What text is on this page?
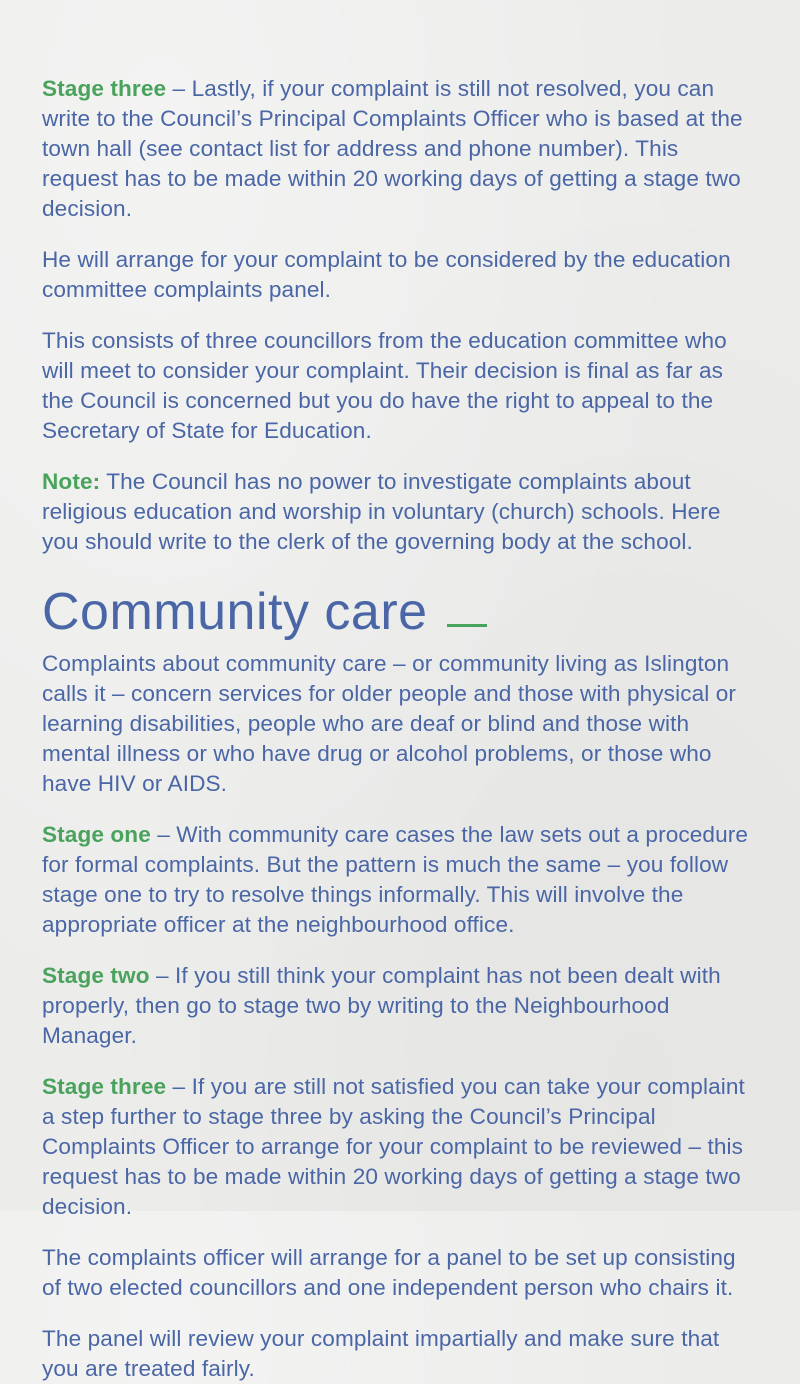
Stage three – Lastly, if your complaint is still not resolved, you can write to the Council’s Principal Complaints Officer who is based at the town hall (see contact list for address and phone number). This request has to be made within 20 working days of getting a stage two decision.

He will arrange for your complaint to be considered by the education committee complaints panel.

This consists of three councillors from the education committee who will meet to consider your complaint. Their decision is final as far as the Council is concerned but you do have the right to appeal to the Secretary of State for Education.

Note: The Council has no power to investigate complaints about religious education and worship in voluntary (church) schools. Here you should write to the clerk of the governing body at the school.

Community care

Complaints about community care – or community living as Islington calls it – concern services for older people and those with physical or learning disabilities, people who are deaf or blind and those with mental illness or who have drug or alcohol problems, or those who have HIV or AIDS.

Stage one – With community care cases the law sets out a procedure for formal complaints. But the pattern is much the same – you follow stage one to try to resolve things informally. This will involve the appropriate officer at the neighbourhood office.

Stage two – If you still think your complaint has not been dealt with properly, then go to stage two by writing to the Neighbourhood Manager.

Stage three – If you are still not satisfied you can take your complaint a step further to stage three by asking the Council’s Principal Complaints Officer to arrange for your complaint to be reviewed – this request has to be made within 20 working days of getting a stage two decision.

The complaints officer will arrange for a panel to be set up consisting of two elected councillors and one independent person who chairs it.

The panel will review your complaint impartially and make sure that you are treated fairly.
